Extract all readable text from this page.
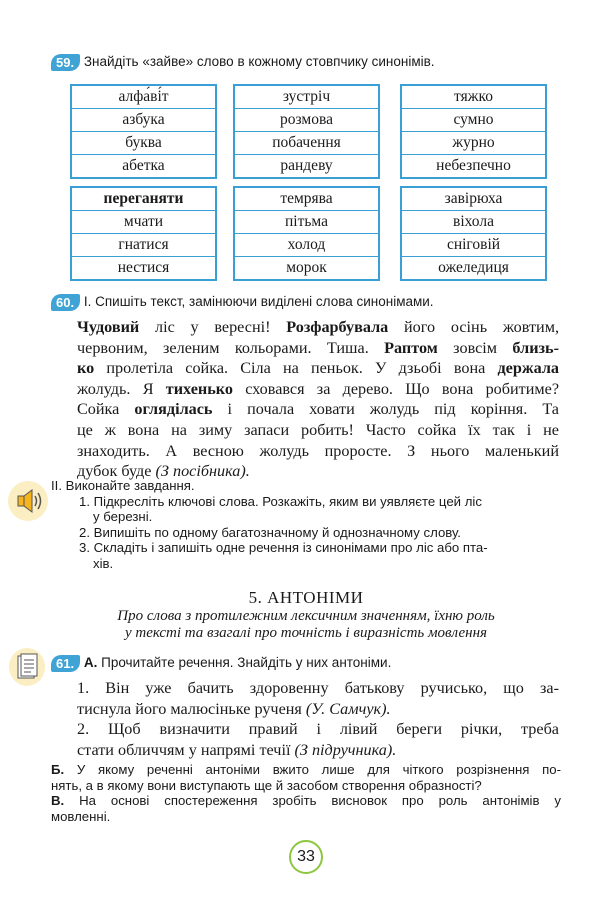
59. Знайдіть «зайве» слово в кожному стовпчику синонімів.
алфа́ві́т
азбука
буква
абетка
зустріч
розмова
побачення
рандеву
тяжко
сумно
журно
небезпечно
переганяти
мчати
гнатися
нестися
темрява
пітьма
холод
морок
завірюха
віхола
сніговій
ожеледиця
60. І. Спишіть текст, замінюючи виділені слова синонімами.
Чудовий ліс у вересні! Розфарбувала його осінь жовтим,
червоним, зеленим кольорами. Тиша. Раптом зовсім близь-
ко пролетіла сойка. Сіла на пеньок. У дзьобі вона держала
жолудь. Я тихенько сховався за дерево. Що вона робитиме?
Сойка огляділась і почала ховати жолудь під коріння. Та
це ж вона на зиму запаси робить! Часто сойка їх так і не
знаходить. А весною жолудь проросте. З нього маленький
дубок буде (З посібника).
ІІ. Виконайте завдання.
1. Підкресліть ключові слова. Розкажіть, яким ви уявляєте цей ліс
у березні.
2. Випишіть по одному багатозначному й однозначному слову.
3. Складіть і запишіть одне речення із синонімами про ліс або пта-
хів.
5. АНТОНІМИ
Про слова з протилежним лексичним значенням, їхню роль
у тексті та взагалі про точність і виразність мовлення
61. А. Прочитайте речення. Знайдіть у них антоніми.
1. Він уже бачить здоровенну батькову ручисько, що за-
тиснула його малюсіньке рученя (У. Самчук).
2. Щоб визначити правий і лівий береги річки, треба
стати обличчям у напрямі течії (З підручника).
Б. У якому реченні антоніми вжито лише для чіткого розрізнення по-
нять, а в якому вони виступають ще й засобом створення образності?
В. На основі спостереження зробіть висновок про роль антонімів у
мовленні.
33
